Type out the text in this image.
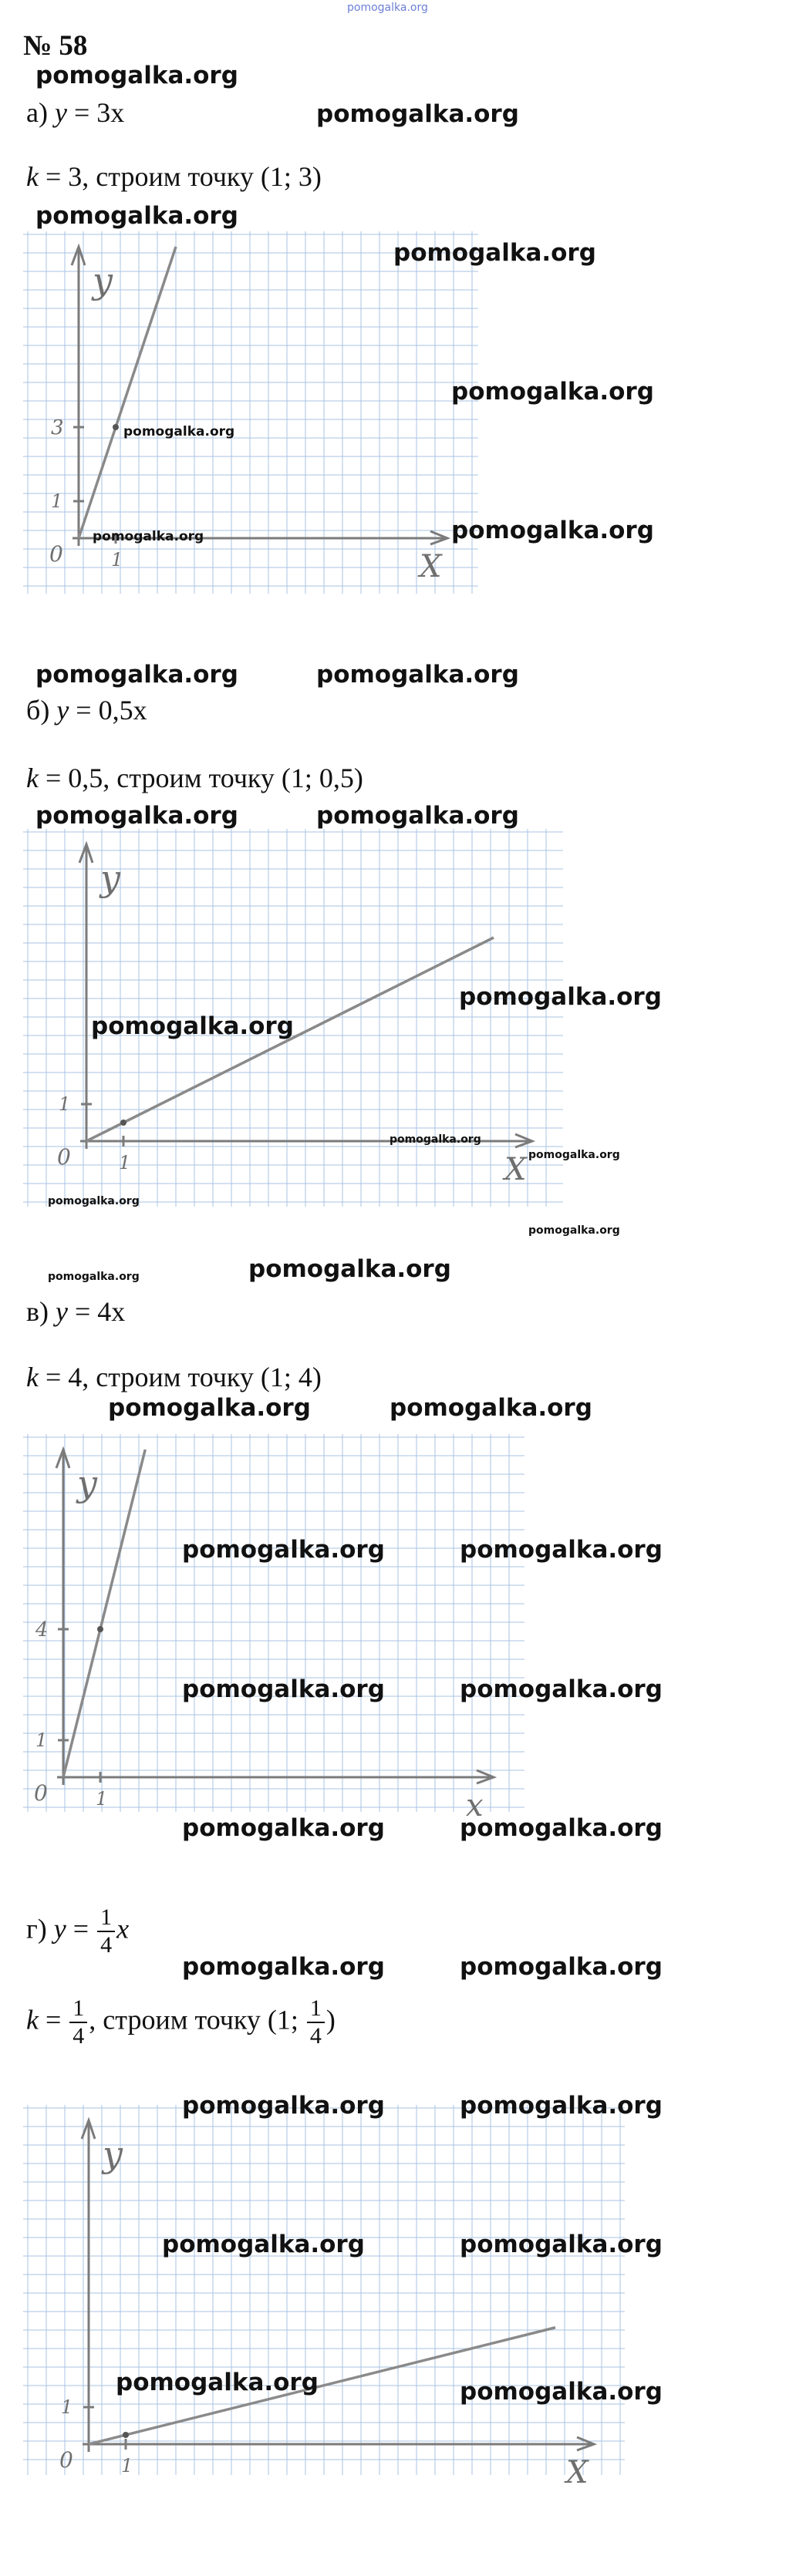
pomogalka.org
№ 58
pomogalka.org
а) y = 3x	pomogalka.org
k = 3, строим точку (1; 3)
pomogalka.org
0	1
1
3
X
y
pomogalka.org
pomogalka.org
pomogalka.org
pomogalka.org
pomogalka.org
pomogalka.org	pomogalka.org
б) y = 0,5x
k = 0,5, строим точку (1; 0,5)
pomogalka.org	pomogalka.org
0	1
1
X
y
pomogalka.org
pomogalka.org
pomogalka.org
pomogalka.org
pomogalka.org
pomogalka.org
pomogalka.org	pomogalka.org
в) y = 4x
k = 4, строим точку (1; 4)
pomogalka.org	pomogalka.org
0	1
1
4
x
y
pomogalka.org	pomogalka.org
pomogalka.org	pomogalka.org
pomogalka.org	pomogalka.org
г) $y = \frac{1}{4}$ x
pomogalka.org	pomogalka.org
$k = \frac{1}{4}$ , строим точку (1; $\frac{1}{4}$ )
0	1
1
X
y
pomogalka.org	pomogalka.org
pomogalka.org	pomogalka.org
pomogalka.org	pomogalka.org
